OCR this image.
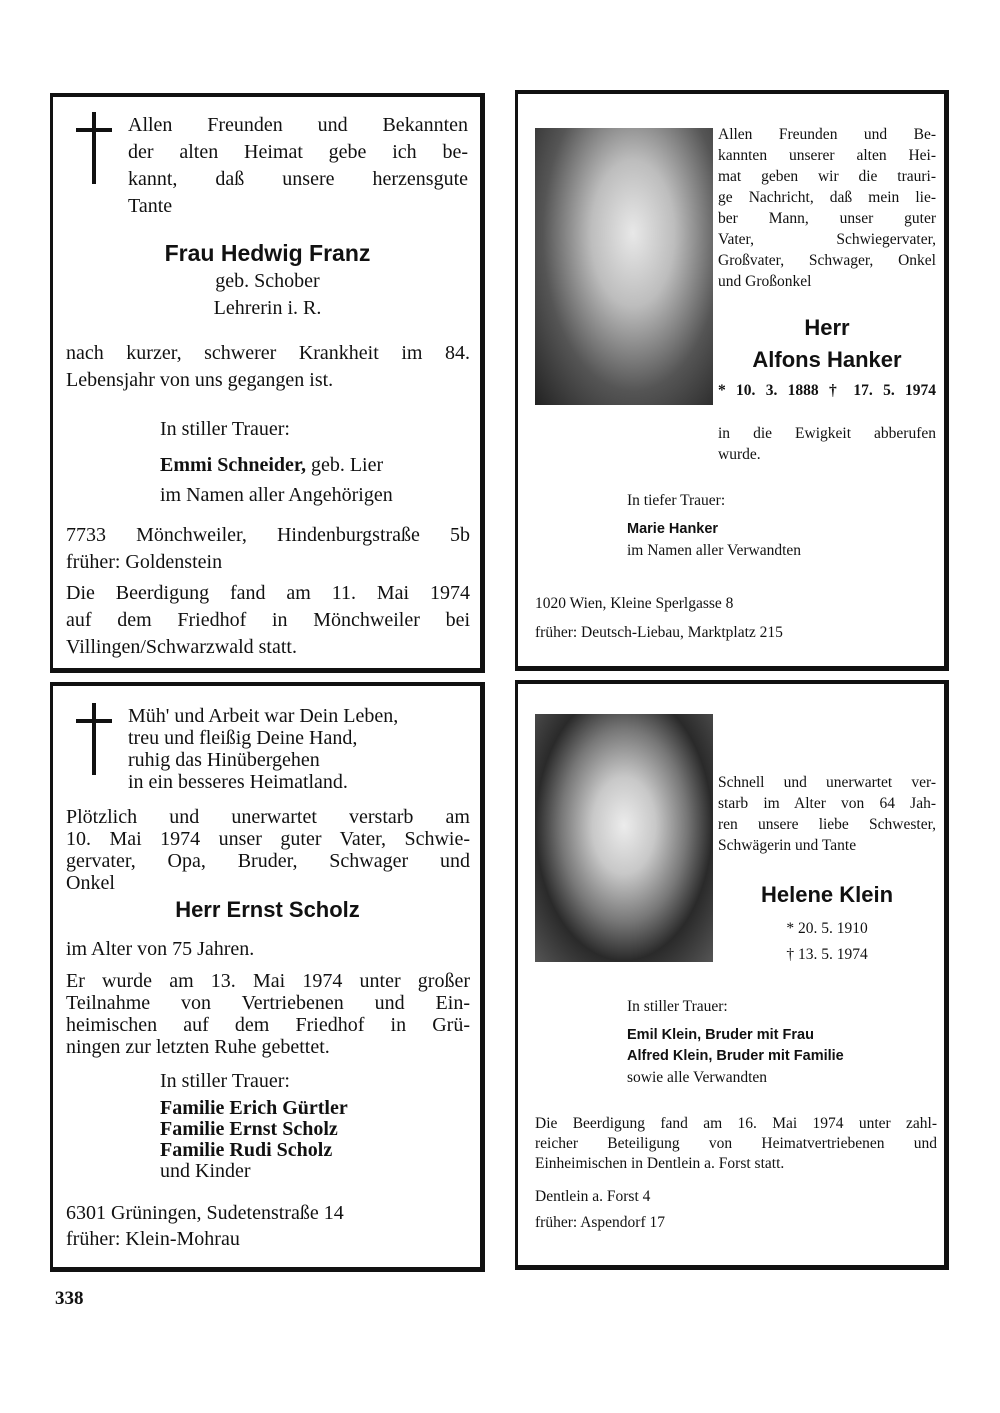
Allen Freunden und Bekannten
der alten Heimat gebe ich be-
kannt, daß unsere herzensgute
Tante
Frau Hedwig Franz
geb. Schober
Lehrerin i. R.
nach kurzer, schwerer Krankheit im 84.
Lebensjahr von uns gegangen ist.
In stiller Trauer:
Emmi Schneider, geb. Lier
im Namen aller Angehörigen
7733 Mönchweiler, Hindenburgstraße 5b
früher: Goldenstein
Die Beerdigung fand am 11. Mai 1974
auf dem Friedhof in Mönchweiler bei
Villingen/Schwarzwald statt.
Allen Freunden und Be-
kannten unserer alten Hei-
mat geben wir die trauri-
ge Nachricht, daß mein lie-
ber Mann, unser guter
Vater, Schwiegervater,
Großvater, Schwager, Onkel
und Großonkel
Herr
Alfons Hanker
* 10. 3. 1888 † 17. 5. 1974
in die Ewigkeit abberufen
wurde.
In tiefer Trauer:
Marie Hanker
im Namen aller Verwandten
1020 Wien, Kleine Sperlgasse 8
früher: Deutsch-Liebau, Marktplatz 215
Müh' und Arbeit war Dein Leben,
treu und fleißig Deine Hand,
ruhig das Hinübergehen
in ein besseres Heimatland.
Plötzlich und unerwartet verstarb am
10. Mai 1974 unser guter Vater, Schwie-
gervater, Opa, Bruder, Schwager und
Onkel
Herr Ernst Scholz
im Alter von 75 Jahren.
Er wurde am 13. Mai 1974 unter großer
Teilnahme von Vertriebenen und Ein-
heimischen auf dem Friedhof in Grü-
ningen zur letzten Ruhe gebettet.
In stiller Trauer:
Familie Erich Gürtler
Familie Ernst Scholz
Familie Rudi Scholz
und Kinder
6301 Grüningen, Sudetenstraße 14
früher: Klein-Mohrau
Schnell und unerwartet ver-
starb im Alter von 64 Jah-
ren unsere liebe Schwester,
Schwägerin und Tante
Helene Klein
* 20. 5. 1910
† 13. 5. 1974
In stiller Trauer:
Emil Klein, Bruder mit Frau
Alfred Klein, Bruder mit Familie
sowie alle Verwandten
Die Beerdigung fand am 16. Mai 1974 unter zahl-
reicher Beteiligung von Heimatvertriebenen und
Einheimischen in Dentlein a. Forst statt.
Dentlein a. Forst 4
früher: Aspendorf 17
338
